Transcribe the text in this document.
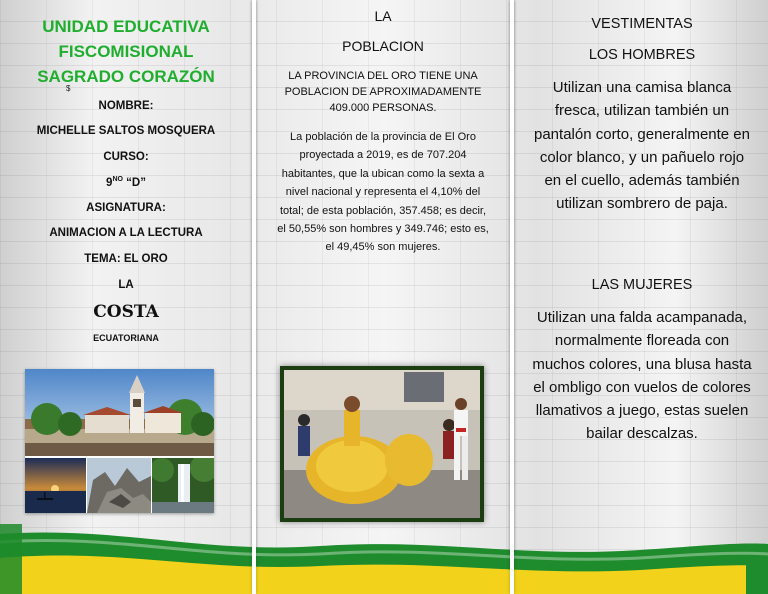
UNIDAD EDUCATIVA
FISCOMISIONAL
SAGRADO CORAZÓN
$
NOMBRE:
MICHELLE SALTOS MOSQUERA
CURSO:
$9^{NO}$ “D”
ASIGNATURA:
ANIMACION A LA LECTURA
TEMA: EL ORO
LA
COSTA
ECUATORIANA
LA
POBLACION
LA PROVINCIA DEL ORO TIENE UNA POBLACION DE APROXIMADAMENTE 409.000 PERSONAS.
La población de la provincia de El Oro proyectada a 2019, es de 707.204 habitantes, que la ubican como la sexta a nivel nacional y representa el 4,10% del total; de esta población, 357.458; es decir, el 50,55% son hombres y 349.746; esto es, el 49,45% son mujeres.
VESTIMENTAS
LOS HOMBRES
Utilizan una camisa blanca fresca, utilizan también un pantalón corto, generalmente en color blanco, y un pañuelo rojo en el cuello, además también utilizan sombrero de paja.
LAS MUJERES
Utilizan una falda acampanada, normalmente floreada con muchos colores, una blusa hasta el ombligo con vuelos de colores llamativos a juego, estas suelen bailar descalzas.
